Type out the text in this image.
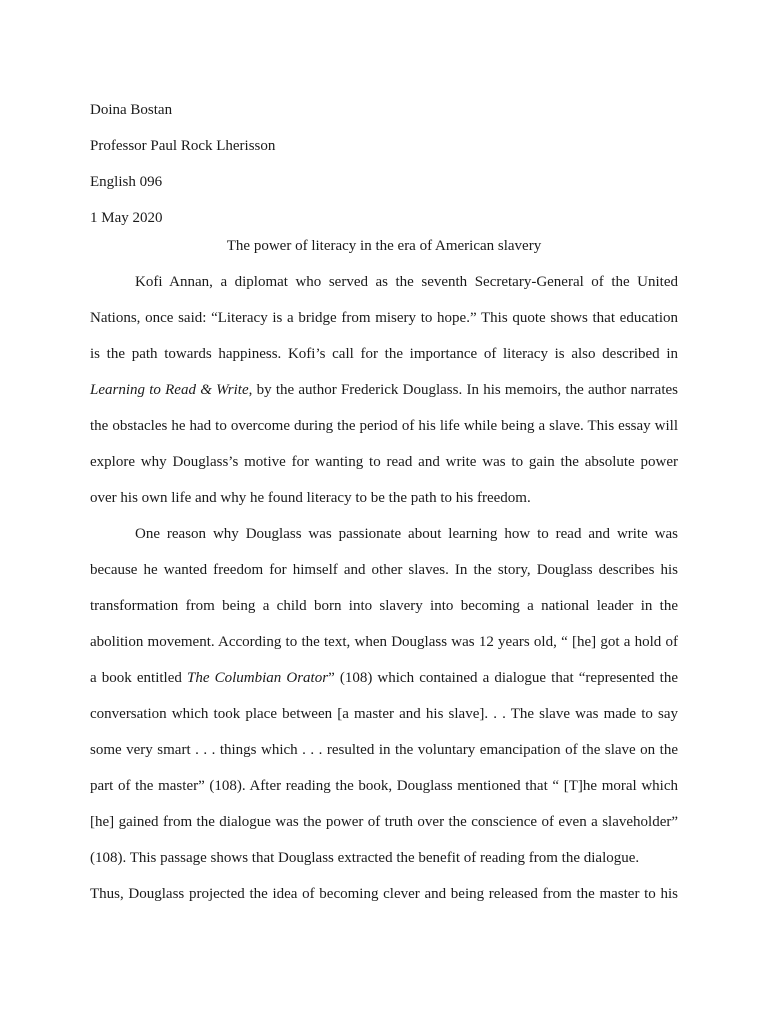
Doina Bostan
Professor Paul Rock Lherisson
English 096
1 May 2020
The power of literacy in the era of American slavery
Kofi Annan, a diplomat who served as the seventh Secretary-General of the United
Nations, once said: “Literacy is a bridge from misery to hope.” This quote shows that education
is the path towards happiness. Kofi’s call for the importance of literacy is also described in
Learning to Read & Write, by the author Frederick Douglass. In his memoirs, the author narrates
the obstacles he had to overcome during the period of his life while being a slave. This essay will
explore why Douglass’s motive for wanting to read and write was to gain the absolute power
over his own life and why he found literacy to be the path to his freedom.
One reason why Douglass was passionate about learning how to read and write was
because he wanted freedom for himself and other slaves. In the story, Douglass describes his
transformation from being a child born into slavery into becoming a national leader in the
abolition movement. According to the text, when Douglass was 12 years old, “ [he] got a hold of
a book entitled The Columbian Orator” (108) which contained a dialogue that “represented the
conversation which took place between [a master and his slave]. . . The slave was made to say
some very smart . . . things which . . . resulted in the voluntary emancipation of the slave on the
part of the master” (108). After reading the book, Douglass mentioned that “ [T]he moral which
[he] gained from the dialogue was the power of truth over the conscience of even a slaveholder”
(108). This passage shows that Douglass extracted the benefit of reading from the dialogue.
Thus, Douglass projected the idea of becoming clever and being released from the master to his
